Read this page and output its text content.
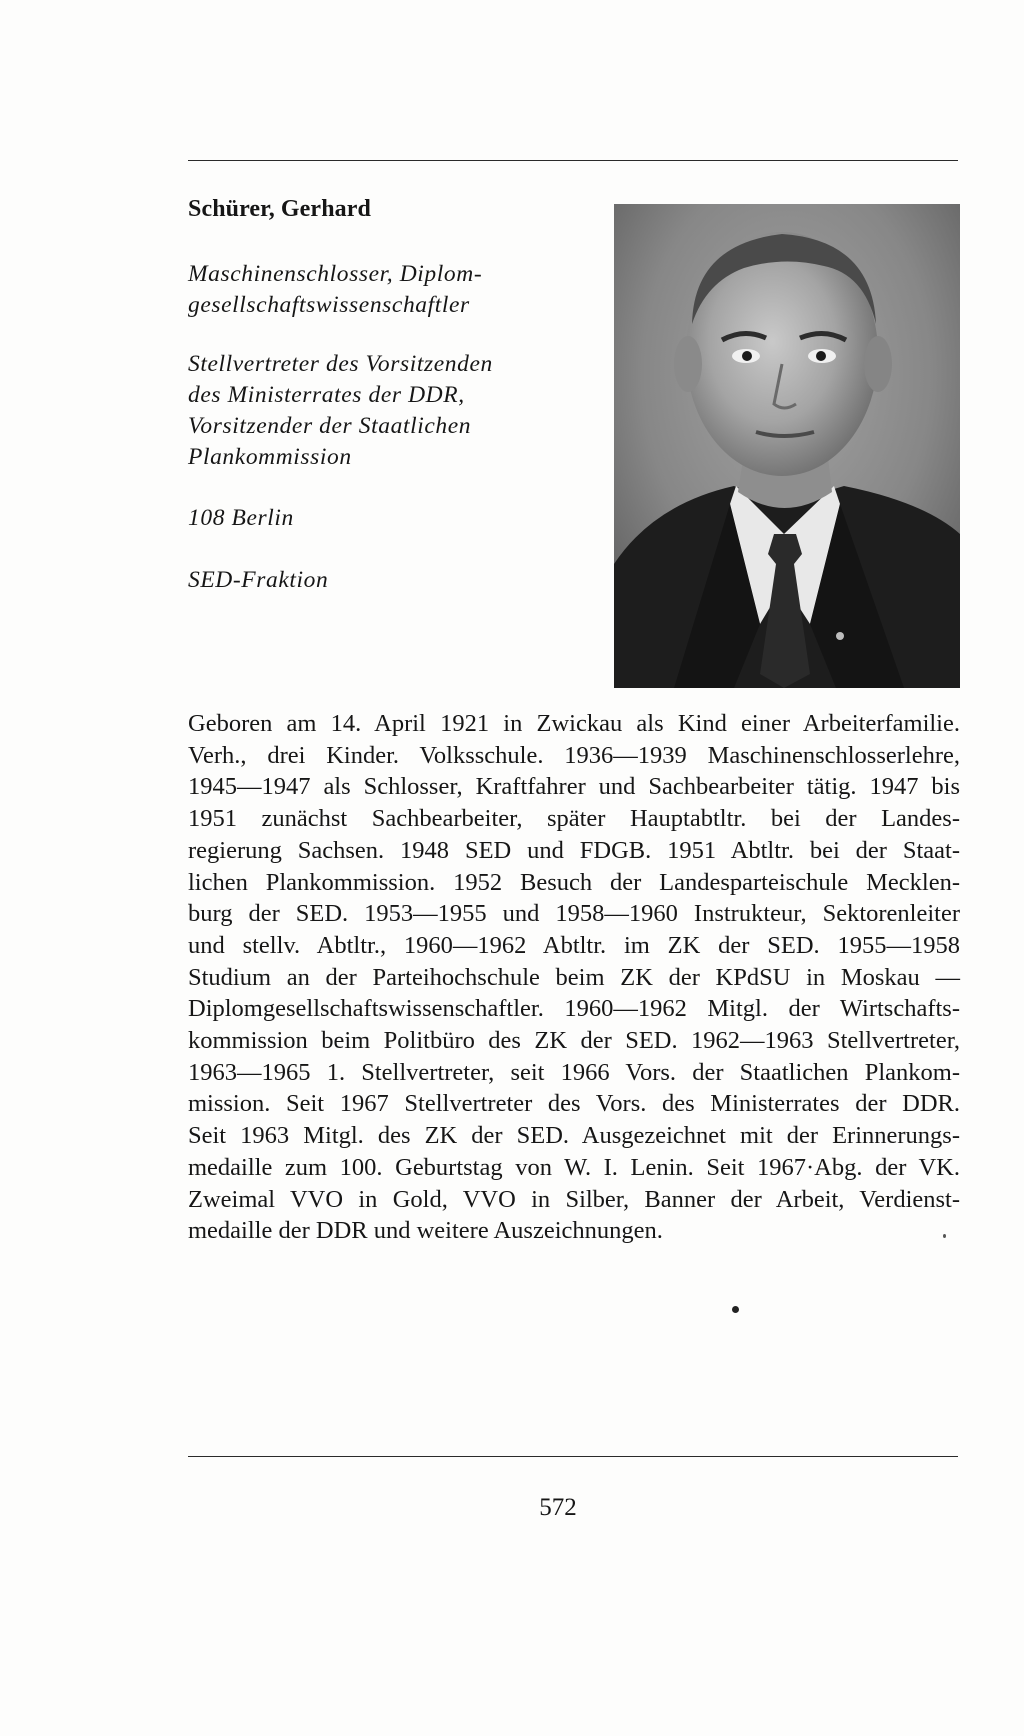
Schürer, Gerhard
Maschinenschlosser, Diplom-
gesellschaftswissenschaftler
Stellvertreter des Vorsitzenden
des Ministerrates der DDR,
Vorsitzender der Staatlichen
Plankommission
108 Berlin
SED-Fraktion
Geboren am 14. April 1921 in Zwickau als Kind einer Arbeiterfamilie.
Verh., drei Kinder. Volksschule. 1936—1939 Maschinenschlosserlehre,
1945—1947 als Schlosser, Kraftfahrer und Sachbearbeiter tätig. 1947 bis
1951 zunächst Sachbearbeiter, später Hauptabtltr. bei der Landes-
regierung Sachsen. 1948 SED und FDGB. 1951 Abtltr. bei der Staat-
lichen Plankommission. 1952 Besuch der Landesparteischule Mecklen-
burg der SED. 1953—1955 und 1958—1960 Instrukteur, Sektorenleiter
und stellv. Abtltr., 1960—1962 Abtltr. im ZK der SED. 1955—1958
Studium an der Parteihochschule beim ZK der KPdSU in Moskau —
Diplomgesellschaftswissenschaftler. 1960—1962 Mitgl. der Wirtschafts-
kommission beim Politbüro des ZK der SED. 1962—1963 Stellvertreter,
1963—1965 1. Stellvertreter, seit 1966 Vors. der Staatlichen Plankom-
mission. Seit 1967 Stellvertreter des Vors. des Ministerrates der DDR.
Seit 1963 Mitgl. des ZK der SED. Ausgezeichnet mit der Erinnerungs-
medaille zum 100. Geburtstag von W. I. Lenin. Seit 1967·Abg. der VK.
Zweimal VVO in Gold, VVO in Silber, Banner der Arbeit, Verdienst-
medaille der DDR und weitere Auszeichnungen.
572
